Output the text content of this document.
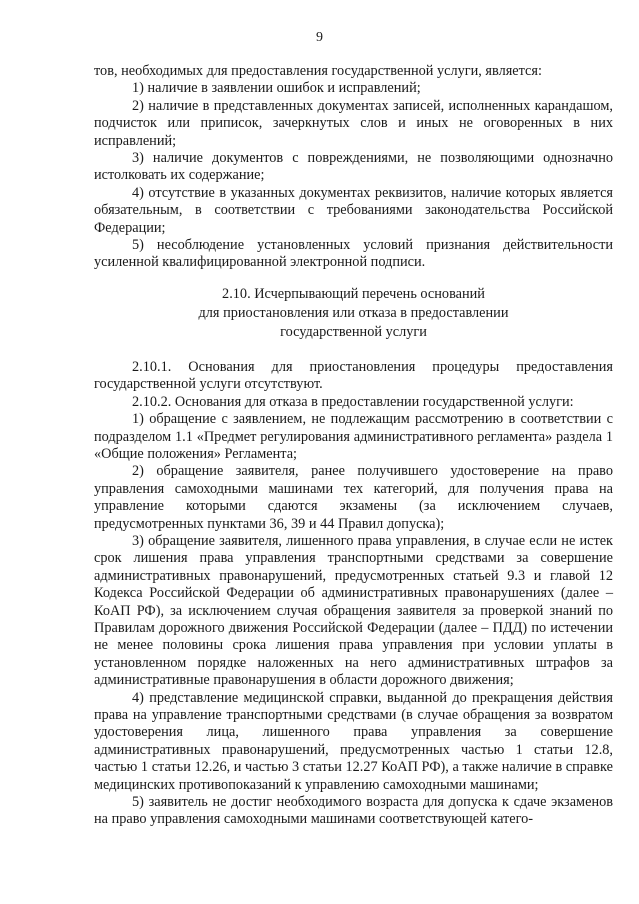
9

тов, необходимых для предоставления государственной услуги, является:

1) наличие в заявлении ошибок и исправлений;

2) наличие в представленных документах записей, исполненных карандашом, подчисток или приписок, зачеркнутых слов и иных не оговоренных в них исправлений;

3) наличие документов с повреждениями, не позволяющими однозначно истолковать их содержание;

4) отсутствие в указанных документах реквизитов, наличие которых является обязательным, в соответствии с требованиями законодательства Российской Федерации;

5) несоблюдение установленных условий признания действительности усиленной квалифицированной электронной подписи.

2.10. Исчерпывающий перечень оснований

для приостановления или отказа в предоставлении

государственной услуги

2.10.1. Основания для приостановления процедуры предоставления государственной услуги отсутствуют.

2.10.2. Основания для отказа в предоставлении государственной услуги:

1) обращение с заявлением, не подлежащим рассмотрению в соответствии с подразделом 1.1 «Предмет регулирования административного регламента» раздела 1 «Общие положения» Регламента;

2) обращение заявителя, ранее получившего удостоверение на право управления самоходными машинами тех категорий, для получения права на управление которыми сдаются экзамены (за исключением случаев, предусмотренных пунктами 36, 39 и 44 Правил допуска);

3) обращение заявителя, лишенного права управления, в случае если не истек срок лишения права управления транспортными средствами за совершение административных правонарушений, предусмотренных статьей 9.3 и главой 12 Кодекса Российской Федерации об административных правонарушениях (далее – КоАП РФ), за исключением случая обращения заявителя за проверкой знаний по Правилам дорожного движения Российской Федерации (далее – ПДД) по истечении не менее половины срока лишения права управления при условии уплаты в установленном порядке наложенных на него административных штрафов за административные правонарушения в области дорожного движения;

4) представление медицинской справки, выданной до прекращения действия права на управление транспортными средствами (в случае обращения за возвратом удостоверения лица, лишенного права управления за совершение административных правонарушений, предусмотренных частью 1 статьи 12.8, частью 1 статьи 12.26, и частью 3 статьи 12.27 КоАП РФ), а также наличие в справке медицинских противопоказаний к управлению самоходными машинами;

5) заявитель не достиг необходимого возраста для допуска к сдаче экзаменов на право управления самоходными машинами соответствующей катего-
